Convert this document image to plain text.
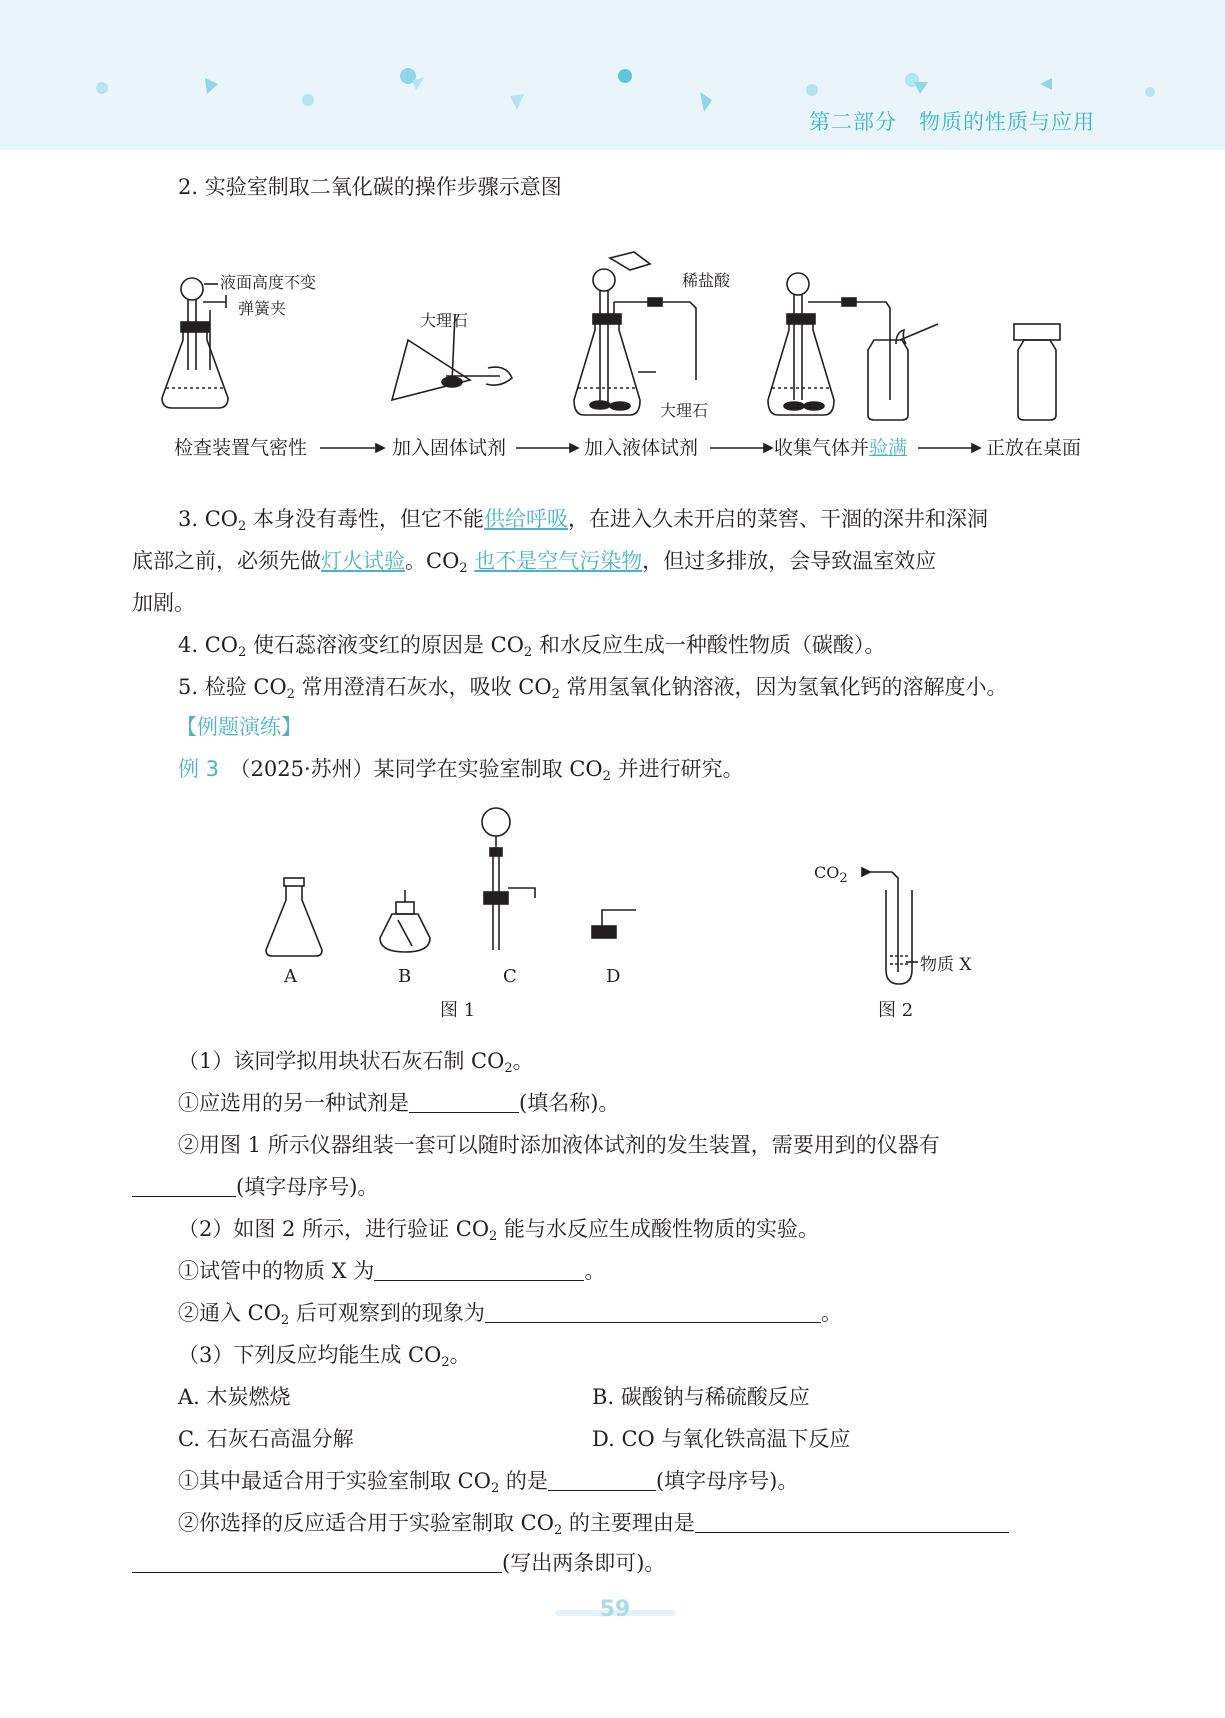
第二部分　物质的性质与应用
2. 实验室制取二氧化碳的操作步骤示意图
液面高度不变
弹簧夹
大理石
稀盐酸
大理石
检查装置气密性	加入固体试剂	加入液体试剂	收集气体并验满	正放在桌面
3. $CO_2$ 本身没有毒性，但它不能供给呼吸，在进入久未开启的菜窖、干涸的深井和深洞
底部之前，必须先做灯火试验。$CO_2$ 也不是空气污染物，但过多排放，会导致温室效应
加剧。
4. $CO_2$ 使石蕊溶液变红的原因是 $CO_2$ 和水反应生成一种酸性物质（碳酸）。
5. 检验 $CO_2$ 常用澄清石灰水，吸收 $CO_2$ 常用氢氧化钠溶液，因为氢氧化钙的溶解度小。
【例题演练】
例 3　 （2025·苏州）某同学在实验室制取 $CO_2$ 并进行研究。
A	B	C	D
图 1
$CO_2$
物质 X
图 2
（1）该同学拟用块状石灰石制 $CO_2$。
①应选用的另一种试剂是	(填名称)。
②用图 1 所示仪器组装一套可以随时添加液体试剂的发生装置，需要用到的仪器有
(填字母序号)。
（2）如图 2 所示，进行验证 $CO_2$ 能与水反应生成酸性物质的实验。
①试管中的物质 X 为	。
②通入 $CO_2$ 后可观察到的现象为	。
（3）下列反应均能生成 $CO_2$。
A. 木炭燃烧	B. 碳酸钠与稀硫酸反应
C. 石灰石高温分解	D. CO 与氧化铁高温下反应
①其中最适合用于实验室制取 $CO_2$ 的是	(填字母序号)。
②你选择的反应适合用于实验室制取 $CO_2$ 的主要理由是
(写出两条即可)。
59
